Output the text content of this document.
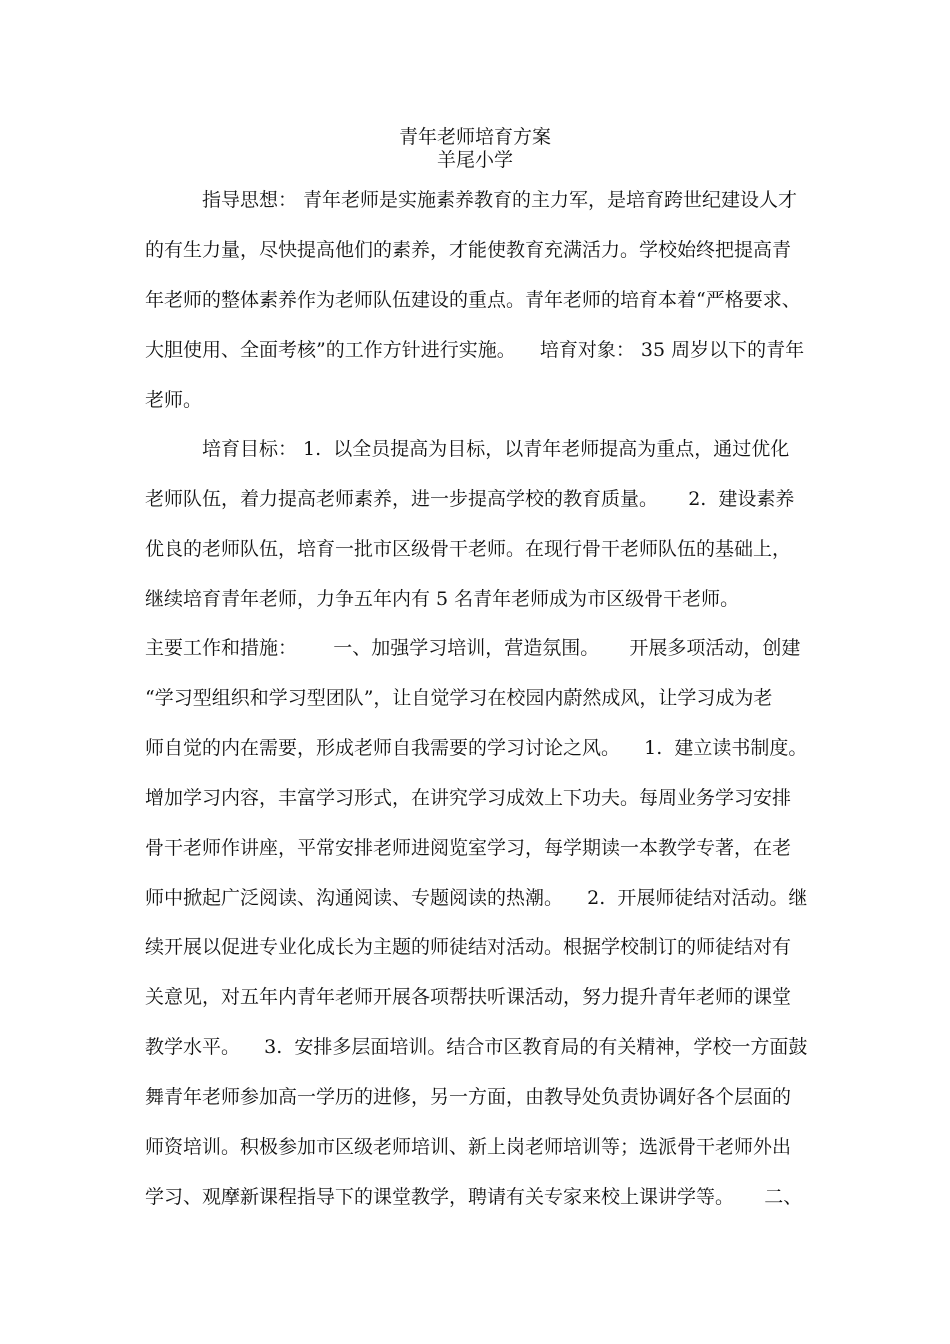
青年老师培育方案
羊尾小学
指导思想： 青年老师是实施素养教育的主力军，是培育跨世纪建设人才
的有生力量，尽快提高他们的素养，才能使教育充满活力。学校始终把提高青
年老师的整体素养作为老师队伍建设的重点。青年老师的培育本着“严格要求、
大胆使用、全面考核”的工作方针进行实施。    培育对象： 35 周岁以下的青年
老师。
培育目标： 1.  以全员提高为目标，以青年老师提高为重点，通过优化
老师队伍，着力提高老师素养，进一步提高学校的教育质量。     2.  建设素养
优良的老师队伍，培育一批市区级骨干老师。在现行骨干老师队伍的基础上，
继续培育青年老师，力争五年内有 5 名青年老师成为市区级骨干老师。
主要工作和措施：      一、加强学习培训，营造氛围。     开展多项活动，创建
“学习型组织和学习型团队”，让自觉学习在校园内蔚然成风，让学习成为老
师自觉的内在需要，形成老师自我需要的学习讨论之风。    1.  建立读书制度。
增加学习内容，丰富学习形式，在讲究学习成效上下功夫。每周业务学习安排
骨干老师作讲座，平常安排老师进阅览室学习，每学期读一本教学专著，在老
师中掀起广泛阅读、沟通阅读、专题阅读的热潮。    2.  开展师徒结对活动。继
续开展以促进专业化成长为主题的师徒结对活动。根据学校制订的师徒结对有
关意见，对五年内青年老师开展各项帮扶听课活动，努力提升青年老师的课堂
教学水平。    3.  安排多层面培训。结合市区教育局的有关精神，学校一方面鼓
舞青年老师参加高一学历的进修，另一方面，由教导处负责协调好各个层面的
师资培训。积极参加市区级老师培训、新上岗老师培训等；选派骨干老师外出
学习、观摩新课程指导下的课堂教学，聘请有关专家来校上课讲学等。     二、
